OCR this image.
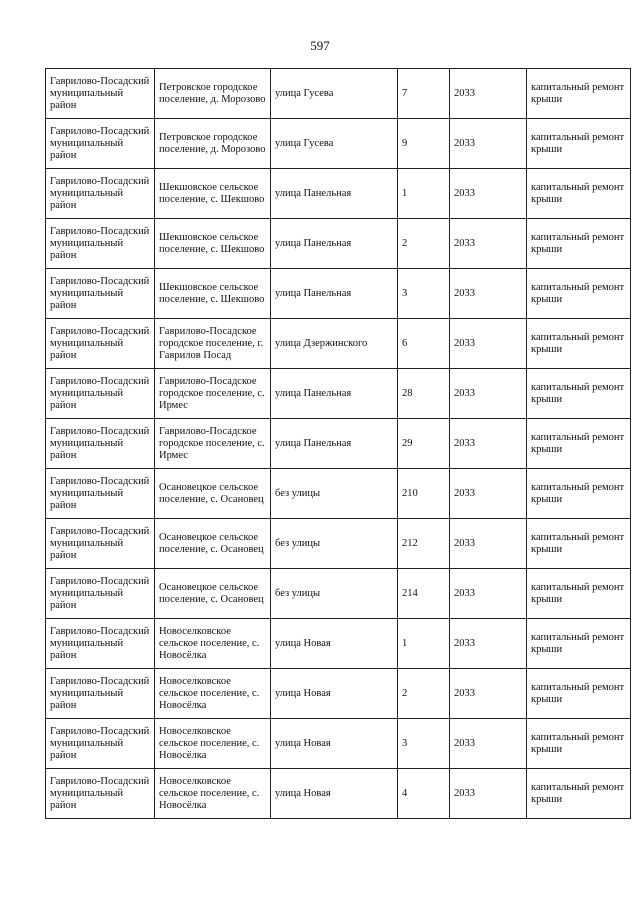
597
Гаврилово-Посадский муниципальный район	Петровское городское поселение, д. Морозово	улица Гусева	7	2033	капитальный ремонт крыши
Гаврилово-Посадский муниципальный район	Петровское городское поселение, д. Морозово	улица Гусева	9	2033	капитальный ремонт крыши
Гаврилово-Посадский муниципальный район	Шекшовское сельское поселение, с. Шекшово	улица Панельная	1	2033	капитальный ремонт крыши
Гаврилово-Посадский муниципальный район	Шекшовское сельское поселение, с. Шекшово	улица Панельная	2	2033	капитальный ремонт крыши
Гаврилово-Посадский муниципальный район	Шекшовское сельское поселение, с. Шекшово	улица Панельная	3	2033	капитальный ремонт крыши
Гаврилово-Посадский муниципальный район	Гаврилово-Посадское городское поселение, г. Гаврилов Посад	улица Дзержинского	6	2033	капитальный ремонт крыши
Гаврилово-Посадский муниципальный район	Гаврилово-Посадское городское поселение, с. Ирмес	улица Панельная	28	2033	капитальный ремонт крыши
Гаврилово-Посадский муниципальный район	Гаврилово-Посадское городское поселение, с. Ирмес	улица Панельная	29	2033	капитальный ремонт крыши
Гаврилово-Посадский муниципальный район	Осановецкое сельское поселение, с. Осановец	без улицы	210	2033	капитальный ремонт крыши
Гаврилово-Посадский муниципальный район	Осановецкое сельское поселение, с. Осановец	без улицы	212	2033	капитальный ремонт крыши
Гаврилово-Посадский муниципальный район	Осановецкое сельское поселение, с. Осановец	без улицы	214	2033	капитальный ремонт крыши
Гаврилово-Посадский муниципальный район	Новоселковское сельское поселение, с. Новосёлка	улица Новая	1	2033	капитальный ремонт крыши
Гаврилово-Посадский муниципальный район	Новоселковское сельское поселение, с. Новосёлка	улица Новая	2	2033	капитальный ремонт крыши
Гаврилово-Посадский муниципальный район	Новоселковское сельское поселение, с. Новосёлка	улица Новая	3	2033	капитальный ремонт крыши
Гаврилово-Посадский муниципальный район	Новоселковское сельское поселение, с. Новосёлка	улица Новая	4	2033	капитальный ремонт крыши
